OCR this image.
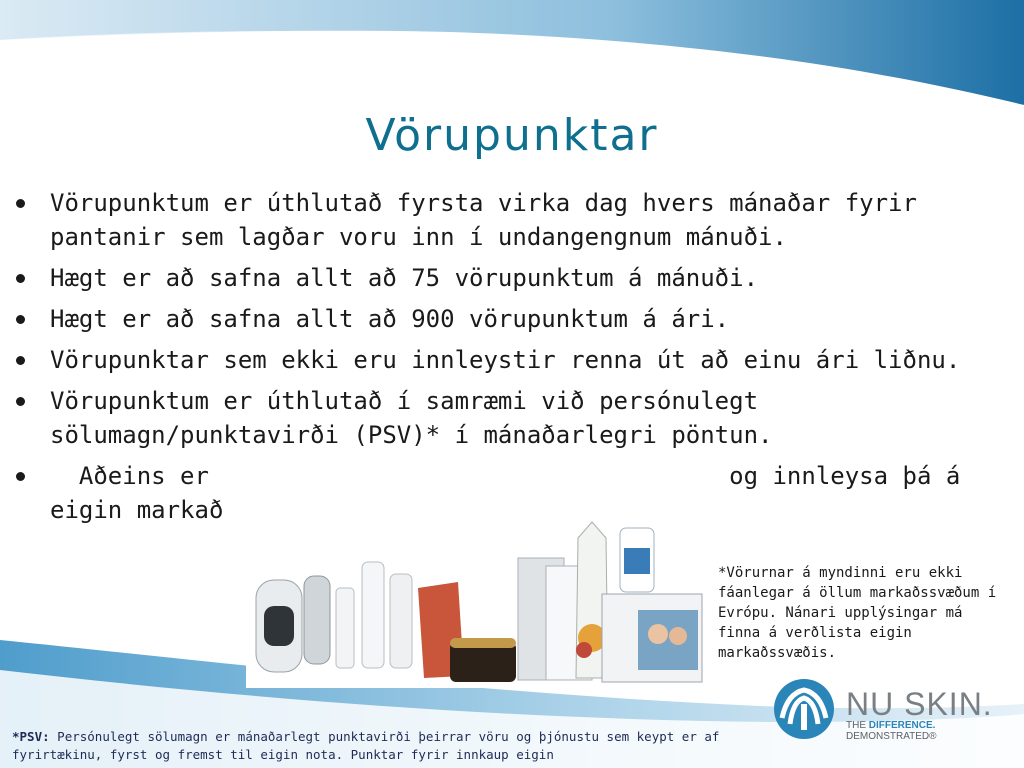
Vörupunktar
Vörupunktum er úthlutað fyrsta virka dag hvers mánaðar fyrir pantanir sem lagðar voru inn í undangengnum mánuði.
Hægt er að safna allt að 75 vörupunktum á mánuði.
Hægt er að safna allt að 900 vörupunktum á ári.
Vörupunktar sem ekki eru innleystir renna út að einu ári liðnu.
Vörupunktum er úthlutað í samræmi við persónulegt sölumagn/punktavirði (PSV)* í mánaðarlegri pöntun.
Aðeins er                                    og innleysa þá á eigin markað
*Vörurnar á myndinni eru ekki fáanlegar á öllum markaðssvæðum í Evrópu. Nánari upplýsingar má finna á verðlista eigin markaðssvæðis.
*PSV: Persónulegt sölumagn er mánaðarlegt punktavirði þeirrar vöru og þjónustu sem keypt er af fyrirtækinu, fyrst og fremst til eigin nota. Punktar fyrir innkaup eigin
NU SKIN.
THE DIFFERENCE. DEMONSTRATED®
